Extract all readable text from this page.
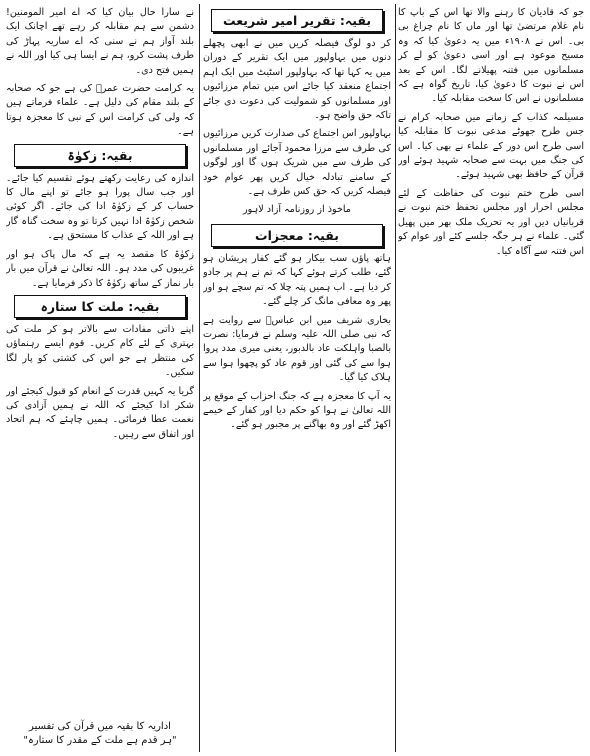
جو کہ قادیان کا رہنے والا تھا اس کے باپ کا نام غلام مرتضیٰ تھا اور ماں کا نام چراغ بی بی۔ اس نے ۱۹۰۸ء میں یہ دعویٰ کیا کہ وہ مسیح موعود ہے اور اسی دعویٰ کو لے کر مسلمانوں میں فتنہ پھیلانے لگا۔ اس کے بعد اس نے نبوت کا دعویٰ کیا، تاریخ گواہ ہے کہ مسلمانوں نے اس کا سخت مقابلہ کیا۔

مسیلمہ کذاب کے زمانے میں صحابہ کرام نے جس طرح جھوٹے مدعی نبوت کا مقابلہ کیا اسی طرح اس دور کے علماء نے بھی کیا۔ اس کی جنگ میں بہت سے صحابہ شہید ہوئے اور قرآن کے حافظ بھی شہید ہوئے۔

اسی طرح ختم نبوت کی حفاظت کے لئے مجلس احرار اور مجلس تحفظ ختم نبوت نے قربانیاں دیں اور یہ تحریک ملک بھر میں پھیل گئی۔ علماء نے ہر جگہ جلسے کئے اور عوام کو اس فتنہ سے آگاہ کیا۔

بقیہ: تقریر امیر شریعت

کر دو لوگ فیصلہ کریں میں نے ابھی پچھلے دنوں میں بہاولپور میں ایک تقریر کے دوران میں یہ کہا تھا کہ بہاولپور اسٹیٹ میں ایک اہم اجتماع منعقد کیا جائے اس میں تمام مرزائیوں اور مسلمانوں کو شمولیت کی دعوت دی جائے تاکہ حق واضح ہو۔

بہاولپور اس اجتماع کی صدارت کریں مرزائیوں کی طرف سے مرزا محمود آجائے اور مسلمانوں کی طرف سے میں شریک ہوں گا اور لوگوں کے سامنے تبادلہ خیال کریں پھر عوام خود فیصلہ کریں کہ حق کس طرف ہے۔

ماخوذ از روزنامہ آزاد لاہور
بقیہ: معجزات

ہاتھ پاؤں سب بیکار ہو گئے کفار پریشان ہو گئے، طلب کرتے ہوئے کہا کہ تم نے ہم پر جادو کر دیا ہے۔ اب ہمیں پتہ چلا کہ تم سچے ہو اور پھر وہ معافی مانگ کر چلے گئے۔

بخاری شریف میں ابن عباسؓ سے روایت ہے کہ نبی صلی اللہ علیہ وسلم نے فرمایا: نصرت بالصبا واہلکت عاد بالدبور، یعنی میری مدد پروا ہوا سے کی گئی اور قوم عاد کو پچھوا ہوا سے ہلاک کیا گیا۔

یہ آپ کا معجزہ ہے کہ جنگ احزاب کے موقع پر اللہ تعالیٰ نے ہوا کو حکم دیا اور کفار کے خیمے اکھڑ گئے اور وہ بھاگنے پر مجبور ہو گئے۔

نے سارا حال بیان کیا کہ اے امیر المومنین! دشمن سے ہم مقابلہ کر رہے تھے اچانک ایک بلند آواز ہم نے سنی کہ اے ساریہ پہاڑ کی طرف پشت کرو، ہم نے ایسا ہی کیا اور اللہ نے ہمیں فتح دی۔

یہ کرامت حضرت عمرؓ کی ہے جو کہ صحابہ کے بلند مقام کی دلیل ہے۔ علماء فرماتے ہیں کہ ولی کی کرامت اس کے نبی کا معجزہ ہوتا ہے۔

بقیہ: زکوٰۃ

اندازہ کی رعایت رکھتے ہوئے تقسیم کیا جائے۔ اور جب سال پورا ہو جائے تو اپنے مال کا حساب کر کے زکوٰۃ ادا کی جائے۔ اگر کوئی شخص زکوٰۃ ادا نہیں کرتا تو وہ سخت گناہ گار ہے اور اللہ کے عذاب کا مستحق ہے۔

زکوٰۃ کا مقصد یہ ہے کہ مال پاک ہو اور غریبوں کی مدد ہو۔ اللہ تعالیٰ نے قرآن میں بار بار نماز کے ساتھ زکوٰۃ کا ذکر فرمایا ہے۔

بقیہ: ملت کا ستارہ

اپنے ذاتی مفادات سے بالاتر ہو کر ملت کی بہتری کے لئے کام کریں۔ قوم ایسے رہنماؤں کی منتظر ہے جو اس کی کشتی کو پار لگا سکیں۔

گریا یہ کہیں قدرت کے انعام کو قبول کیجئے اور شکر ادا کیجئے کہ اللہ نے ہمیں آزادی کی نعمت عطا فرمائی۔ ہمیں چاہئے کہ ہم اتحاد اور اتفاق سے رہیں۔

اداریہ کا بقیہ میں قرآن کی تفسیر
"ہر قدم ہے ملت کے مقدر کا ستارہ"
